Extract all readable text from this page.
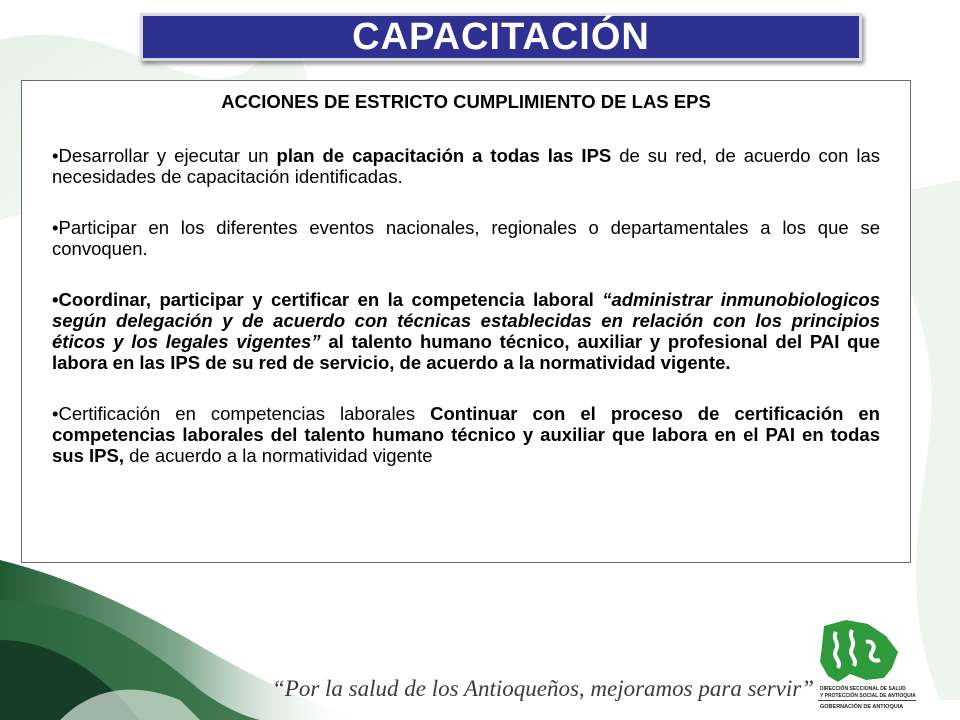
CAPACITACIÓN

ACCIONES DE ESTRICTO CUMPLIMIENTO DE LAS EPS

•Desarrollar y ejecutar un plan de capacitación a todas las IPS de su red, de acuerdo con las necesidades de capacitación identificadas.

•Participar en los diferentes eventos nacionales, regionales o departamentales a los que se convoquen.

•Coordinar, participar y certificar en la competencia laboral “administrar inmunobiologicos según delegación y de acuerdo con técnicas establecidas en relación con los principios éticos y los legales vigentes” al talento humano técnico, auxiliar y profesional del PAI que labora en las IPS de su red de servicio, de acuerdo a la normatividad vigente.

•Certificación en competencias laborales Continuar con el proceso de certificación en competencias laborales del talento humano técnico y auxiliar que labora en el PAI en todas sus IPS, de acuerdo a la normatividad vigente

“Por la salud de los Antioqueños, mejoramos para servir” DIRECCIÓN SECCIONAL DE SALUD
Y PROTECCIÓN SOCIAL DE ANTIOQUIA
GOBERNACIÓN DE ANTIOQUIA
